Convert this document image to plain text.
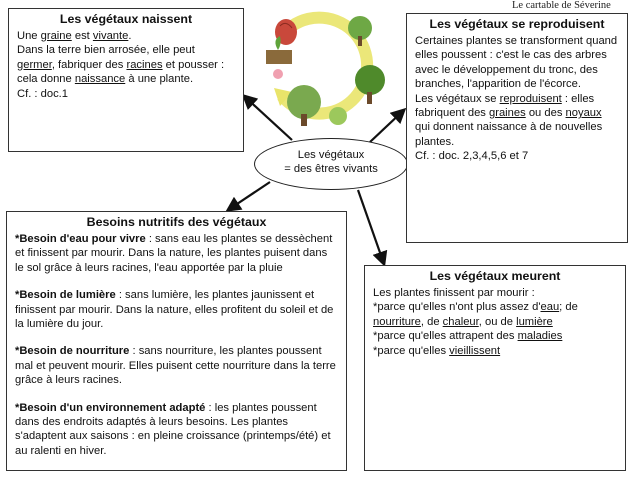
Le cartable de Séverine
Les végétaux
= des êtres vivants
Les végétaux naissent

Une graine est vivante.

Dans la terre bien arrosée, elle peut

germer, fabriquer des racines et pousser :

cela donne naissance à une plante.

Cf. : doc.1

Les végétaux se reproduisent

Certaines plantes se transforment quand elles poussent : c'est le cas des arbres avec le développement du tronc, des branches, l'apparition de l'écorce.

Les végétaux se reproduisent : elles fabriquent des graines ou des noyaux qui donnent naissance à de nouvelles plantes.

Cf. : doc. 2,3,4,5,6 et 7

Besoins nutritifs des végétaux

*Besoin d'eau pour vivre : sans eau les plantes se dessèchent et finissent par mourir. Dans la nature, les plantes puisent dans le sol grâce à leurs racines, l'eau apportée par la pluie

*Besoin de lumière : sans lumière, les plantes jaunissent et finissent par mourir. Dans la nature, elles profitent du soleil et de la lumière du jour.

*Besoin de nourriture : sans nourriture, les plantes poussent mal et peuvent mourir. Elles puisent cette nourriture dans la terre grâce à leurs racines.

*Besoin d'un environnement adapté : les plantes poussent dans des endroits adaptés à leurs besoins. Les plantes s'adaptent aux saisons : en pleine croissance (printemps/été) et au ralenti en hiver.

Les végétaux meurent

Les plantes finissent par mourir :

*parce qu'elles n'ont plus assez d'eau; de nourriture, de chaleur, ou de lumière

*parce qu'elles attrapent des maladies

*parce qu'elles vieillissent
